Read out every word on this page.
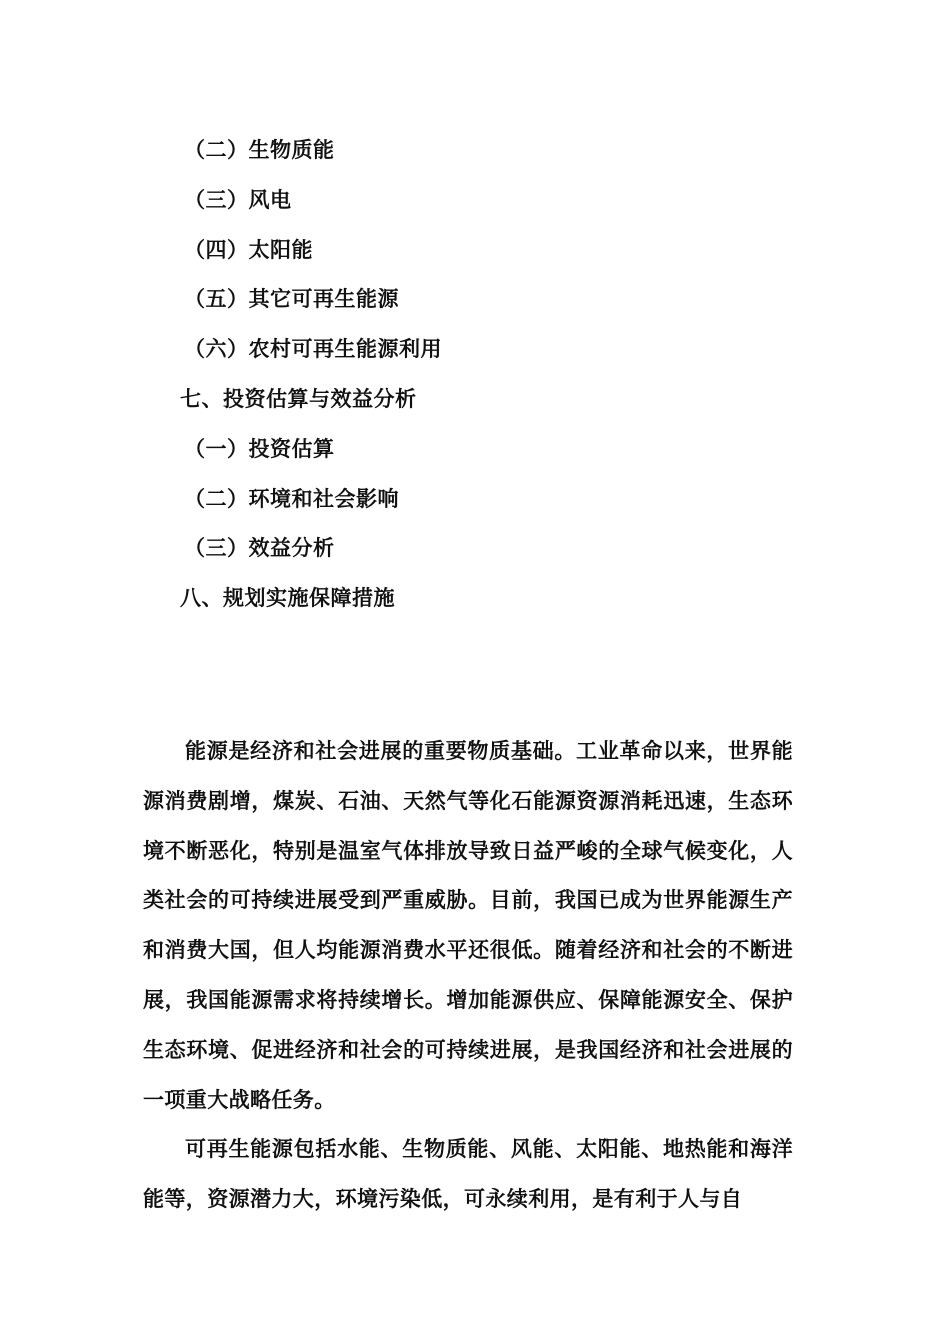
（二）生物质能
（三）风电
（四）太阳能
（五）其它可再生能源
（六）农村可再生能源利用
七、投资估算与效益分析
（一）投资估算
（二）环境和社会影响
（三）效益分析
八、规划实施保障措施

能源是经济和社会进展的重要物质基础。工业革命以来，世界能源消费剧增，煤炭、石油、天然气等化石能源资源消耗迅速，生态环境不断恶化，特别是温室气体排放导致日益严峻的全球气候变化，人类社会的可持续进展受到严重威胁。目前，我国已成为世界能源生产和消费大国，但人均能源消费水平还很低。随着经济和社会的不断进展，我国能源需求将持续增长。增加能源供应、保障能源安全、保护生态环境、促进经济和社会的可持续进展，是我国经济和社会进展的一项重大战略任务。

可再生能源包括水能、生物质能、风能、太阳能、地热能和海洋能等，资源潜力大，环境污染低，可永续利用，是有利于人与自
